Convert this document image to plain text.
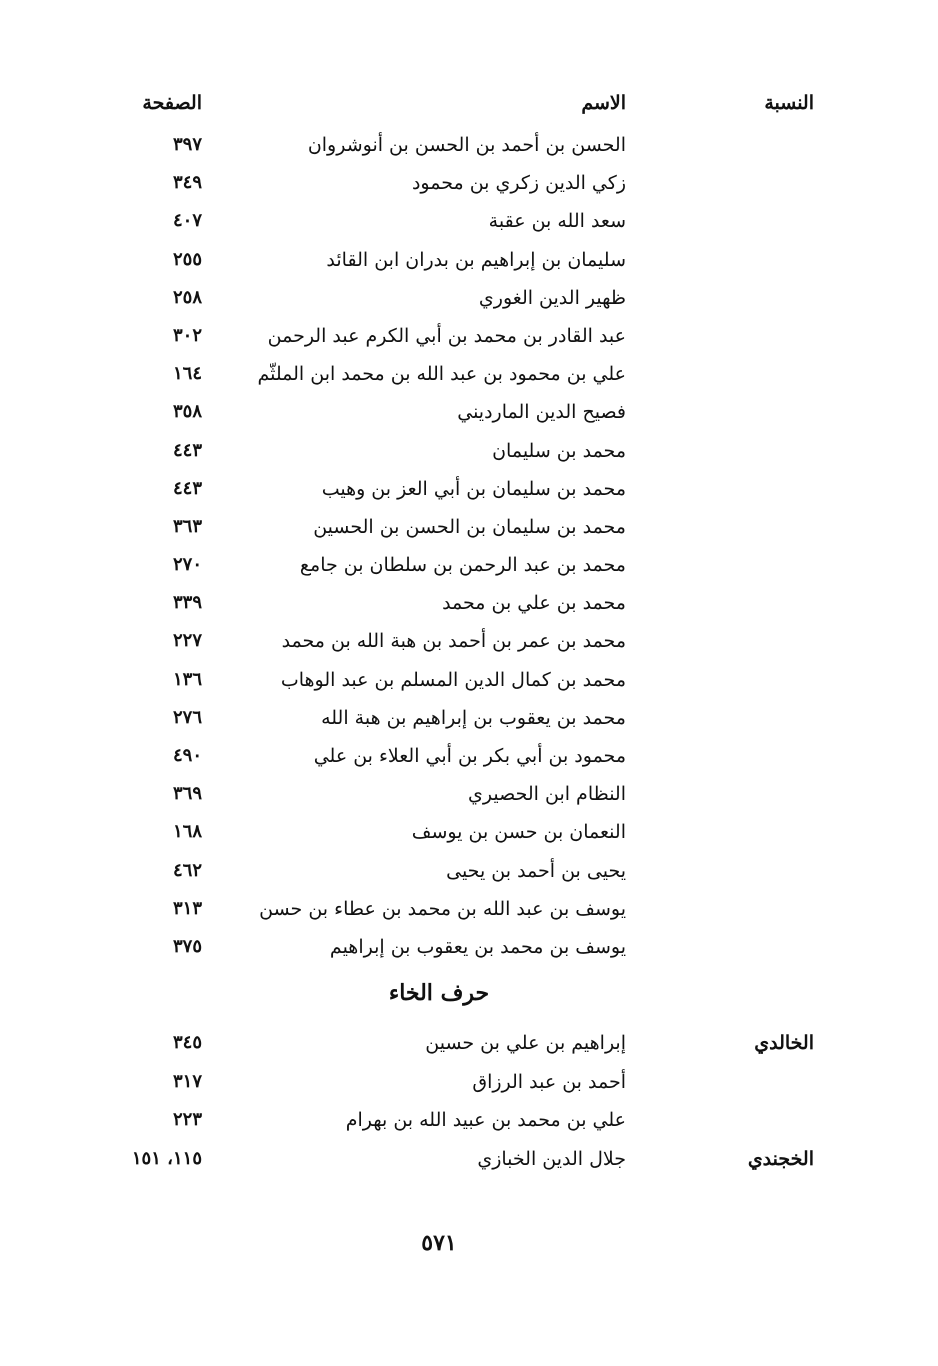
النسبة
الاسم
الصفحة
الحسن بن أحمد بن الحسن بن أنوشروان
٣٩٧
زكي الدين زكري بن محمود
٣٤٩
سعد الله بن عقبة
٤٠٧
سليمان بن إبراهيم بن بدران ابن القائد
٢٥٥
ظهير الدين الغوري
٢٥٨
عبد القادر بن محمد بن أبي الكرم عبد الرحمن
٣٠٢
علي بن محمود بن عبد الله بن محمد ابن الملثّم
١٦٤
فصيح الدين المارديني
٣٥٨
محمد بن سليمان
٤٤٣
محمد بن سليمان بن أبي العز بن وهيب
٤٤٣
محمد بن سليمان بن الحسن بن الحسين
٣٦٣
محمد بن عبد الرحمن بن سلطان بن جامع
٢٧٠
محمد بن علي بن محمد
٣٣٩
محمد بن عمر بن أحمد بن هبة الله بن محمد
٢٢٧
محمد بن كمال الدين المسلم بن عبد الوهاب
١٣٦
محمد بن يعقوب بن إبراهيم بن هبة الله
٢٧٦
محمود بن أبي بكر بن أبي العلاء بن علي
٤٩٠
النظام ابن الحصيري
٣٦٩
النعمان بن حسن بن يوسف
١٦٨
يحيى بن أحمد بن يحيى
٤٦٢
يوسف بن عبد الله بن محمد بن عطاء بن حسن
٣١٣
يوسف بن محمد بن يعقوب بن إبراهيم
٣٧٥
حرف الخاء
الخالدي
إبراهيم بن علي بن حسين
٣٤٥
أحمد بن عبد الرزاق
٣١٧
علي بن محمد بن عبيد الله بن بهرام
٢٢٣
الخجندي
جلال الدين الخبازي
١١٥، ١٥١
٥٧١
